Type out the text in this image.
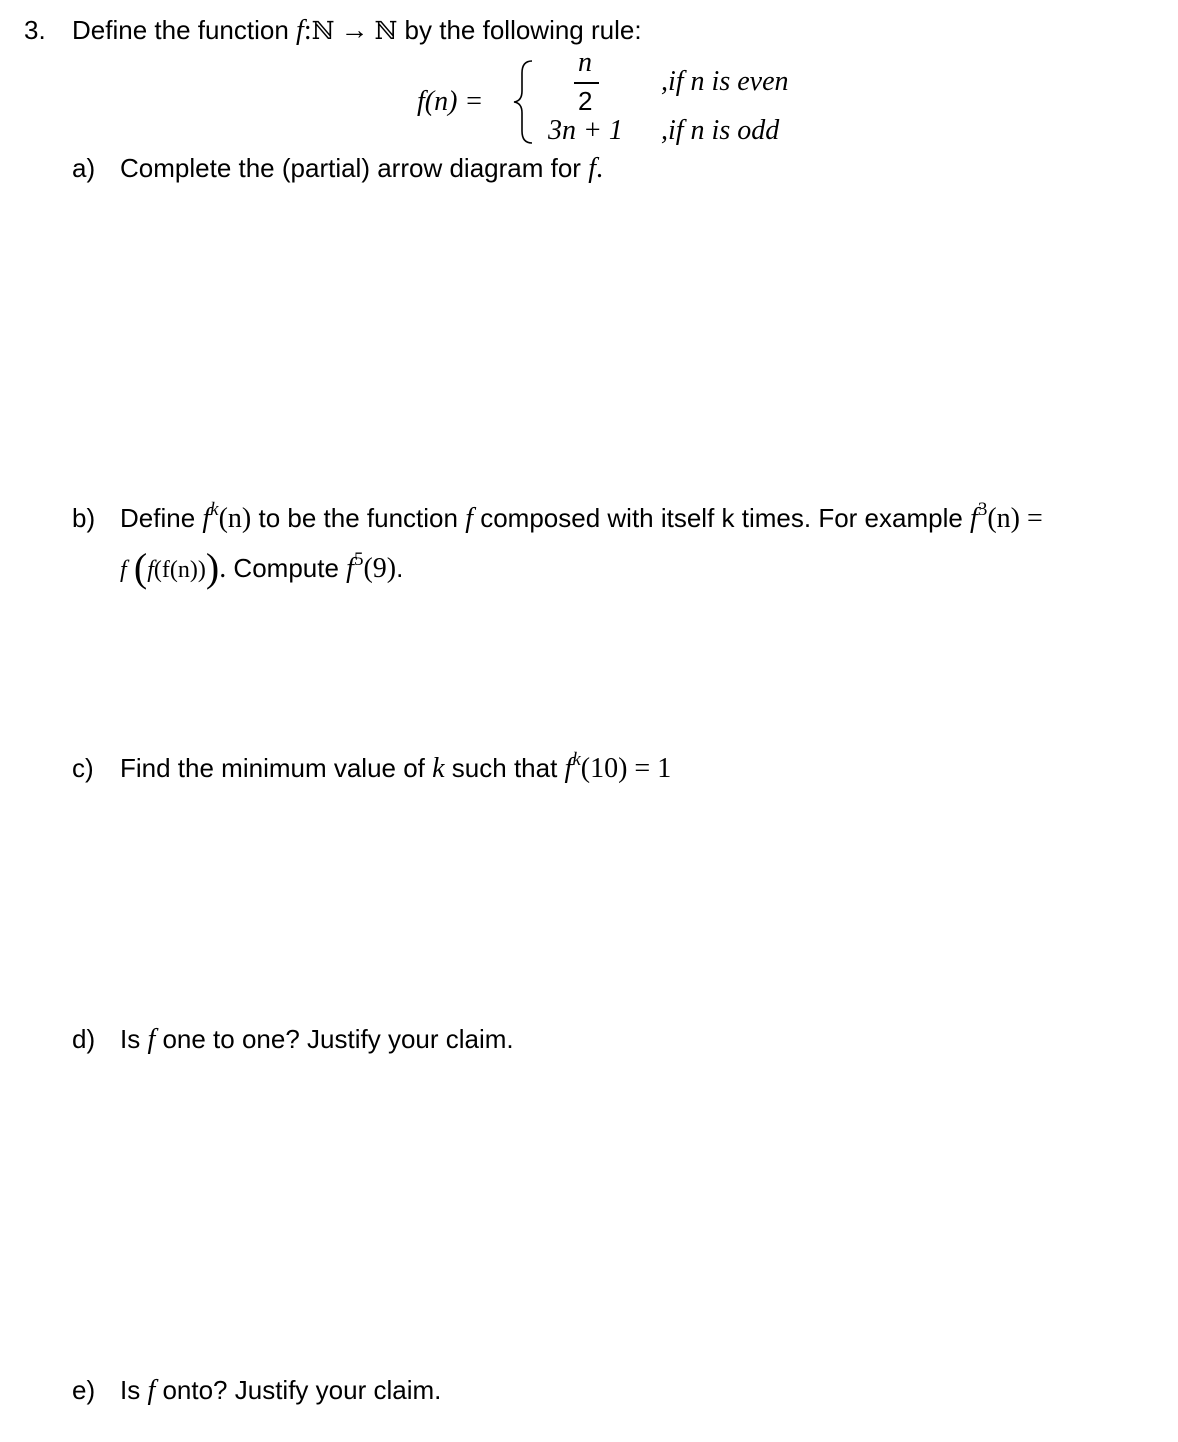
3. Define the function f:ℕ → ℕ by the following rule:
f(n) =
n
2
,if n is even
3n + 1 ,if n is odd
a) Complete the (partial) arrow diagram for f.
b) Define $f^k(n)$ to be the function f composed with itself k times. For example $f^3(n)$ =
f (f(f(n))). Compute $f^5(9)$.
c) Find the minimum value of k such that $f^k(10) = 1$
d) Is f one to one? Justify your claim.
e) Is f onto? Justify your claim.
